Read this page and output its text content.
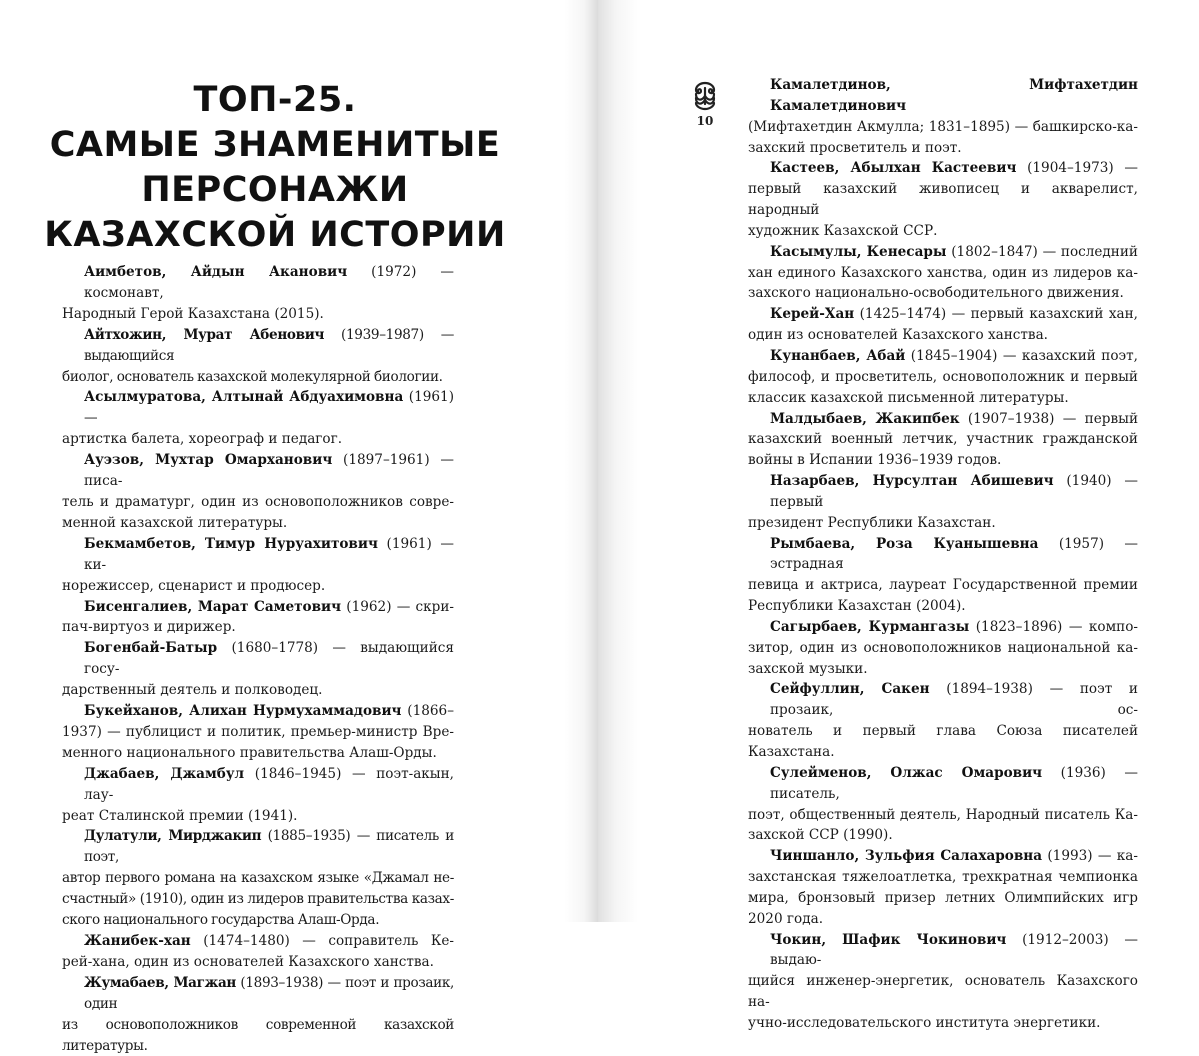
ТОП-25.
САМЫЕ ЗНАМЕНИТЫЕ
ПЕРСОНАЖИ
КАЗАХСКОЙ ИСТОРИИ

Аимбетов, Айдын Аканович (1972) — космонавт,
Народный Герой Казахстана (2015).

Айтхожин, Мурат Абенович (1939–1987) — выдающийся
биолог, основатель казахской молекулярной биологии.

Асылмуратова, Алтынай Абдуахимовна (1961) —
артистка балета, хореограф и педагог.

Ауэзов, Мухтар Омарханович (1897–1961) — писа-
тель и драматург, один из основоположников совре-
менной казахской литературы.

Бекмамбетов, Тимур Нуруахитович (1961) — ки-
норежиссер, сценарист и продюсер.

Бисенгалиев, Марат Саметович (1962) — скри-
пач-виртуоз и дирижер.

Богенбай-Батыр (1680–1778) — выдающийся госу-
дарственный деятель и полководец.

Букейханов, Алихан Нурмухаммадович (1866–
1937) — публицист и политик, премьер-министр Вре-
менного национального правительства Алаш-Орды.

Джабаев, Джамбул (1846–1945) — поэт-акын, лау-
реат Сталинской премии (1941).

Дулатули, Мирджакип (1885–1935) — писатель и поэт,
автор первого романа на казахском языке «Джамал не-
счастный» (1910), один из лидеров правительства казах-
ского национального государства Алаш-Орда.

Жанибек-хан (1474–1480) — соправитель Ке-
рей-хана, один из основателей Казахского ханства.

Жумабаев, Магжан (1893–1938) — поэт и прозаик, один
из основоположников современной казахской литературы.

10

Камалетдинов, Мифтахетдин Камалетдинович
(Мифтахетдин Акмулла; 1831–1895) — башкирско-ка-
захский просветитель и поэт.

Кастеев, Абылхан Кастеевич (1904–1973) —
первый казахский живописец и акварелист, народный
художник Казахской ССР.

Касымулы, Кенесары (1802–1847) — последний
хан единого Казахского ханства, один из лидеров ка-
захского национально-освободительного движения.

Керей-Хан (1425–1474) — первый казахский хан,
один из основателей Казахского ханства.

Кунанбаев, Абай (1845–1904) — казахский поэт,
философ, и просветитель, основоположник и первый
классик казахской письменной литературы.

Малдыбаев, Жакипбек (1907–1938) — первый
казахский военный летчик, участник гражданской
войны в Испании 1936–1939 годов.

Назарбаев, Нурсултан Абишевич (1940) — первый
президент Республики Казахстан.

Рымбаева, Роза Куанышевна (1957) — эстрадная
певица и актриса, лауреат Государственной премии
Республики Казахстан (2004).

Сагырбаев, Курмангазы (1823–1896) — компо-
зитор, один из основоположников национальной ка-
захской музыки.

Сейфуллин, Сакен (1894–1938) — поэт и прозаик, ос-
нователь и первый глава Союза писателей Казахстана.

Сулейменов, Олжас Омарович (1936) — писатель,
поэт, общественный деятель, Народный писатель Ка-
захской ССР (1990).

Чиншанло, Зульфия Салахаровна (1993) — ка-
захстанская тяжелоатлетка, трехкратная чемпионка
мира, бронзовый призер летних Олимпийских игр
2020 года.

Чокин, Шафик Чокинович (1912–2003) — выдаю-
щийся инженер-энергетик, основатель Казахского на-
учно-исследовательского института энергетики.
